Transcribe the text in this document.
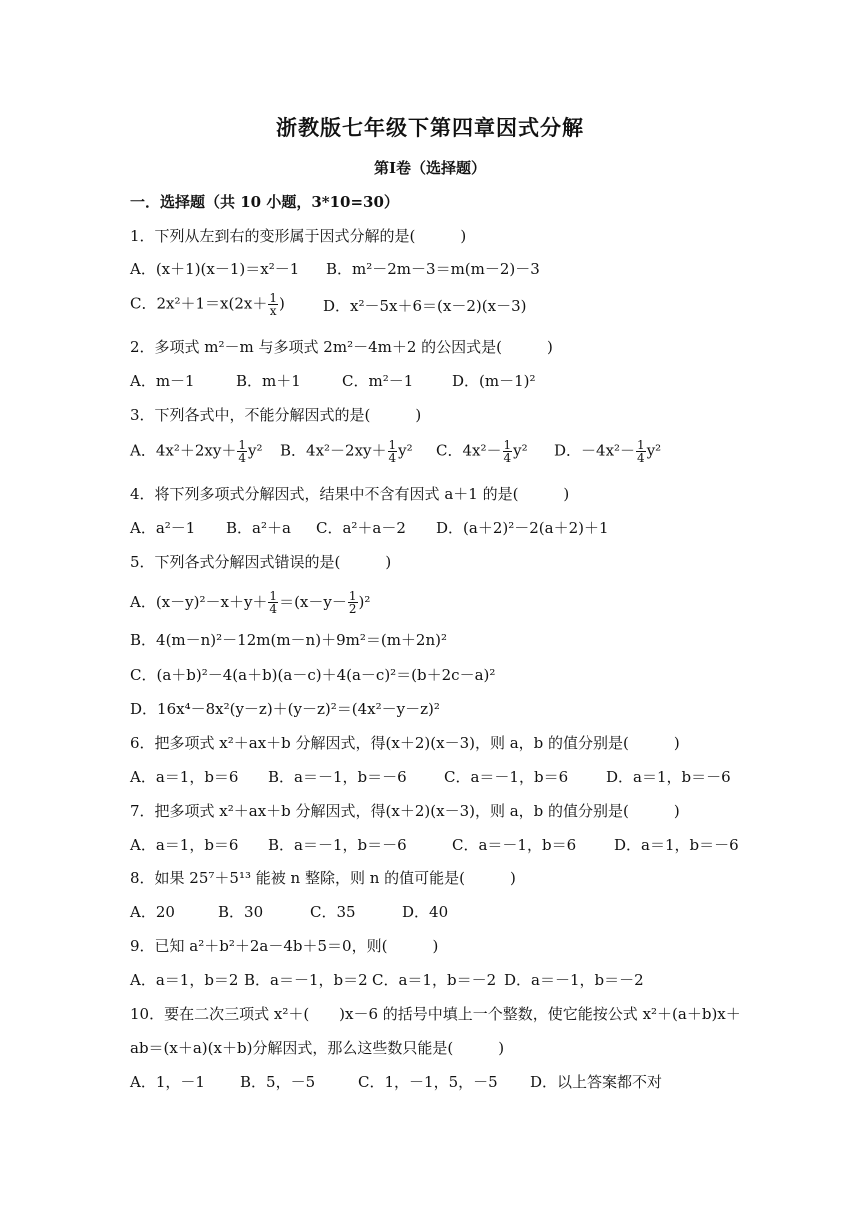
浙教版七年级下第四章因式分解
第Ⅰ卷（选择题）
一．选择题（共 10 小题，3*10=30）
1．下列从左到右的变形属于因式分解的是(　　　)
A．(x＋1)(x－1)＝x²－1 B．m²－2m－3＝m(m－2)－3
C．$2x^2+1=x(2x+ \frac{1}{x}$ )	D．x²－5x＋6＝(x－2)(x－3)
2．多项式 m²－m 与多项式 2m²－4m＋2 的公因式是(　　　)
A．m－1	B．m＋1	C．m²－1	D．(m－1)²
3．下列各式中，不能分解因式的是(　　　)
A．$4x^2+2xy+ \frac{1}{4} y^2$ B．$4x^2-2xy+ \frac{1}{4} y^2$ C．$4x^2- \frac{1}{4} y^2$ D．$-4x^2- \frac{1}{4} y^2$
4．将下列多项式分解因式，结果中不含有因式 a＋1 的是(　　　)
A．a²－1 B．a²＋a C．a²＋a－2 D．(a＋2)²－2(a＋2)＋1
5．下列各式分解因式错误的是(　　　)
A．$(x-y)^2-x+y+ \frac{1}{4} =(x-y- \frac{1}{2} )^2$
B．4(m－n)²－12m(m－n)＋9m²＝(m＋2n)²
C．(a＋b)²－4(a＋b)(a－c)＋4(a－c)²＝(b＋2c－a)²
D．16x⁴－8x²(y－z)＋(y－z)²＝(4x²－y－z)²
6．把多项式 x²＋ax＋b 分解因式，得(x＋2)(x－3)，则 a，b 的值分别是(　　　)
A．a＝1，b＝6 B．a＝－1，b＝－6 C．a＝－1，b＝6	D．a＝1，b＝－6
7．把多项式 x²＋ax＋b 分解因式，得(x＋2)(x－3)，则 a，b 的值分别是(　　　)
A．a＝1，b＝6 B．a＝－1，b＝－6	C．a＝－1，b＝6	D．a＝1，b＝－6
8．如果 25⁷＋5¹³ 能被 n 整除，则 n 的值可能是(　　　)
A．20	B．30	C．35	D．40
9．已知 a²＋b²＋2a－4b＋5＝0，则(　　　)
A．a＝1，b＝2 B．a＝－1，b＝2 C．a＝1，b＝－2 D．a＝－1，b＝－2
10．要在二次三项式 x²＋(　　)x－6 的括号中填上一个整数，使它能按公式 x²＋(a＋b)x＋
ab＝(x＋a)(x＋b)分解因式，那么这些数只能是(　　　)
A．1，－1 B．5，－5	C．1，－1，5，－5 D．以上答案都不对
